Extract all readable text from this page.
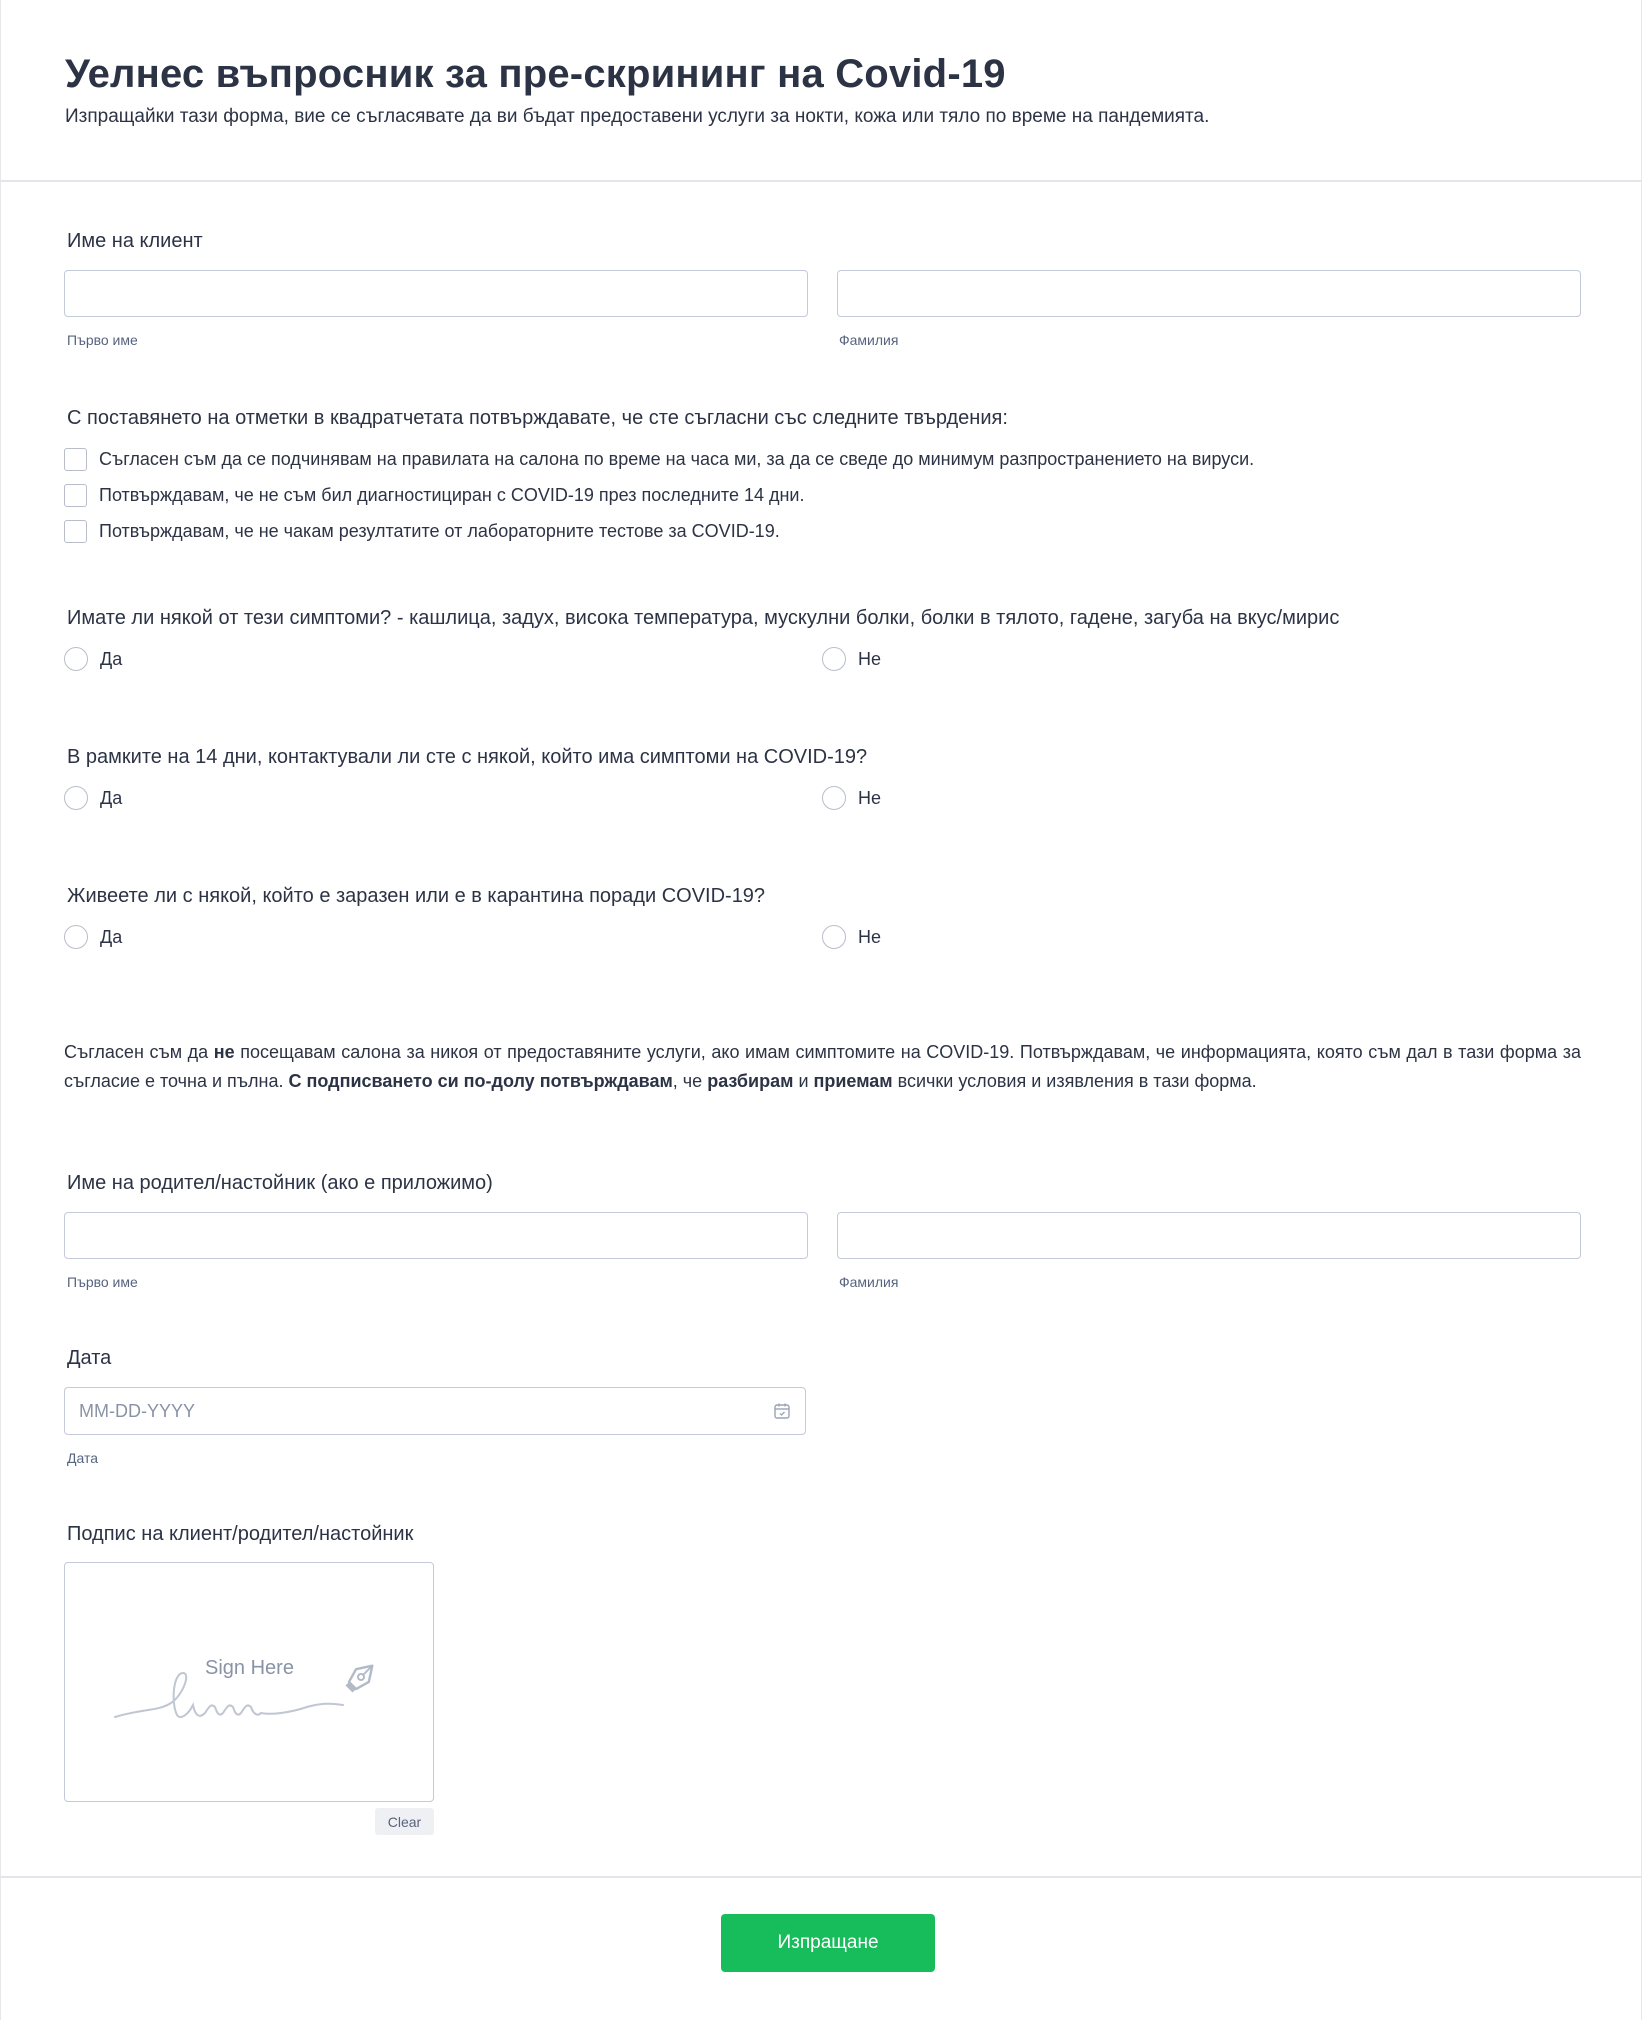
Уелнес въпросник за пре-скрининг на Covid-19
Изпращайки тази форма, вие се съгласявате да ви бъдат предоставени услуги за нокти, кожа или тяло по време на пандемията.
Име на клиент
Първо име	Фамилия
С поставянето на отметки в квадратчетата потвърждавате, че сте съгласни със следните твърдения:
Съгласен съм да се подчинявам на правилата на салона по време на часа ми, за да се сведе до минимум разпространението на вируси.
Потвърждавам, че не съм бил диагностициран с COVID-19 през последните 14 дни.
Потвърждавам, че не чакам резултатите от лабораторните тестове за COVID-19.
Имате ли някой от тези симптоми? - кашлица, задух, висока температура, мускулни болки, болки в тялото, гадене, загуба на вкус/мирис
Да	Не
В рамките на 14 дни, контактували ли сте с някой, който има симптоми на COVID-19?
Да	Не
Живеете ли с някой, който е заразен или е в карантина поради COVID-19?
Да	Не

Съгласен съм да не посещавам салона за никоя от предоставяните услуги, ако имам симптомите на COVID-19. Потвърждавам, че информацията, която съм дал в тази форма за съгласие е точна и пълна. С подписването си по-долу потвърждавам, че разбирам и приемам всички условия и изявления в тази форма.

Име на родител/настойник (ако е приложимо)
Първо име	Фамилия
Дата
MM-DD-YYYY
Дата
Подпис на клиент/родител/настойник
Sign Here
Clear
Изпращане
